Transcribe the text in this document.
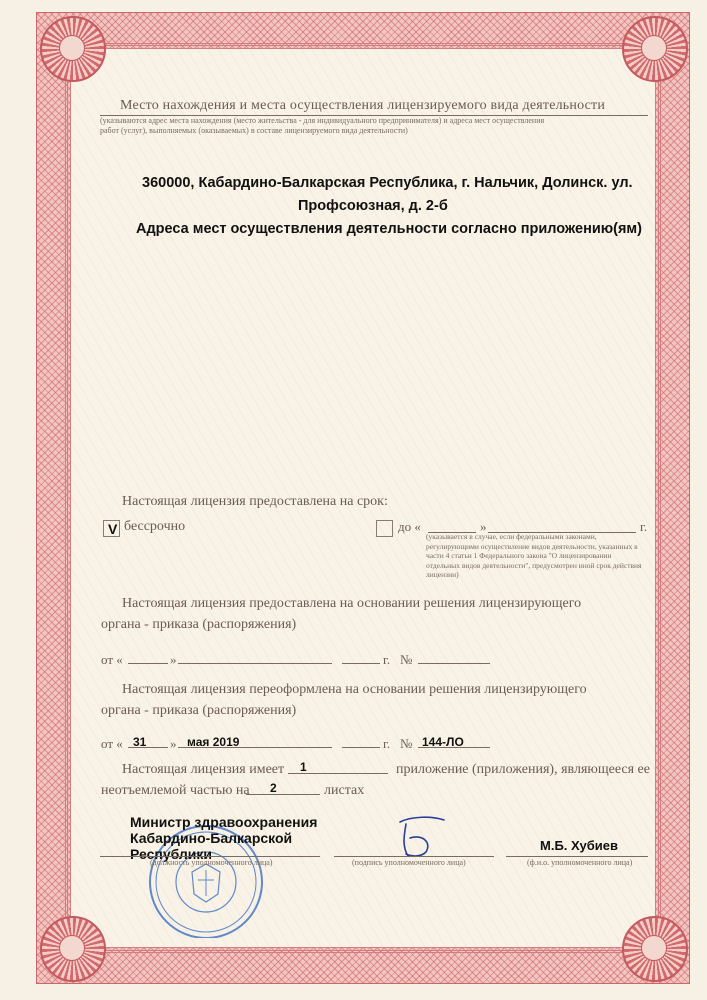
Место нахождения и места осуществления лицензируемого вида деятельности
(указываются адрес места нахождения (место жительства - для индивидуального предпринимателя) и адреса мест осуществления
работ (услуг), выполняемых (оказываемых) в составе лицензируемого вида деятельности)
360000, Кабардино-Балкарская Республика, г. Нальчик, Долинск. ул.
Профсоюзная, д. 2-б
Адреса мест осуществления деятельности согласно приложению(ям)
Настоящая лицензия предоставлена на срок:
V бессрочно	до «	»	г.
(указывается в случае, если федеральными законами, регулирующими осуществление видов деятельности, указанных в части 4 статьи 1 Федерального закона "О лицензировании отдельных видов деятельности", предусмотрен иной срок действия лицензии)
Настоящая лицензия предоставлена на основании решения лицензирующего
органа - приказа (распоряжения)
от «	»	г. №
Настоящая лицензия переоформлена на основании решения лицензирующего
органа - приказа (распоряжения)
от « 31 » мая 2019	г. № 144-ЛО
Настоящая лицензия имеет 1	приложение (приложения), являющееся ее
неотъемлемой частью на 2	листах
Министр здравоохранения
Кабардино-Балкарской
Республики
М.Б. Хубиев
(должность уполномоченного лица)	(подпись уполномоченного лица)	(ф.и.о. уполномоченного лица)
